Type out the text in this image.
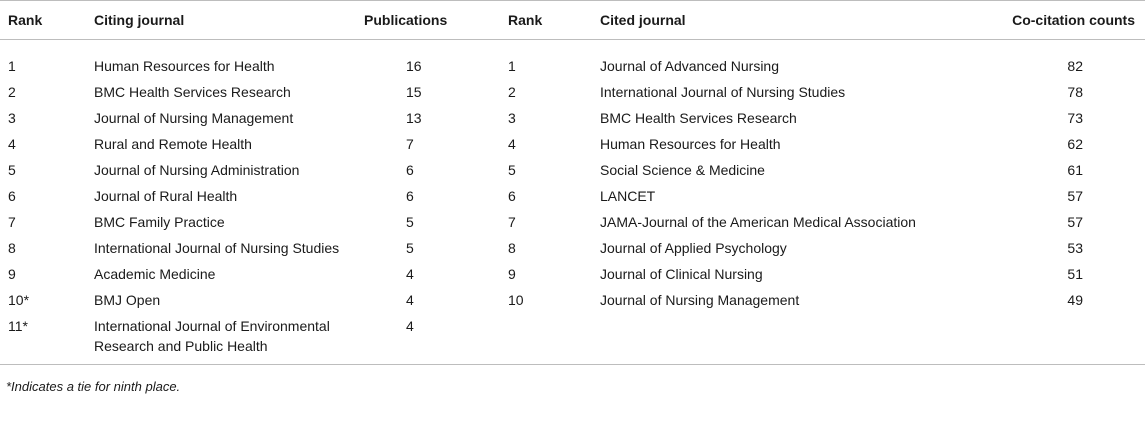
Rank	Citing journal	Publications		Rank	Cited journal	Co-citation counts
1	Human Resources for Health	16		1	Journal of Advanced Nursing	82
2	BMC Health Services Research	15		2	International Journal of Nursing Studies	78
3	Journal of Nursing Management	13		3	BMC Health Services Research	73
4	Rural and Remote Health	7		4	Human Resources for Health	62
5	Journal of Nursing Administration	6		5	Social Science & Medicine	61
6	Journal of Rural Health	6		6	LANCET	57
7	BMC Family Practice	5		7	JAMA-Journal of the American Medical Association	57
8	International Journal of Nursing Studies	5		8	Journal of Applied Psychology	53
9	Academic Medicine	4		9	Journal of Clinical Nursing	51
10*	BMJ Open	4		10	Journal of Nursing Management	49
11*	International Journal of Environmental Research and Public Health	4				
*Indicates a tie for ninth place.
